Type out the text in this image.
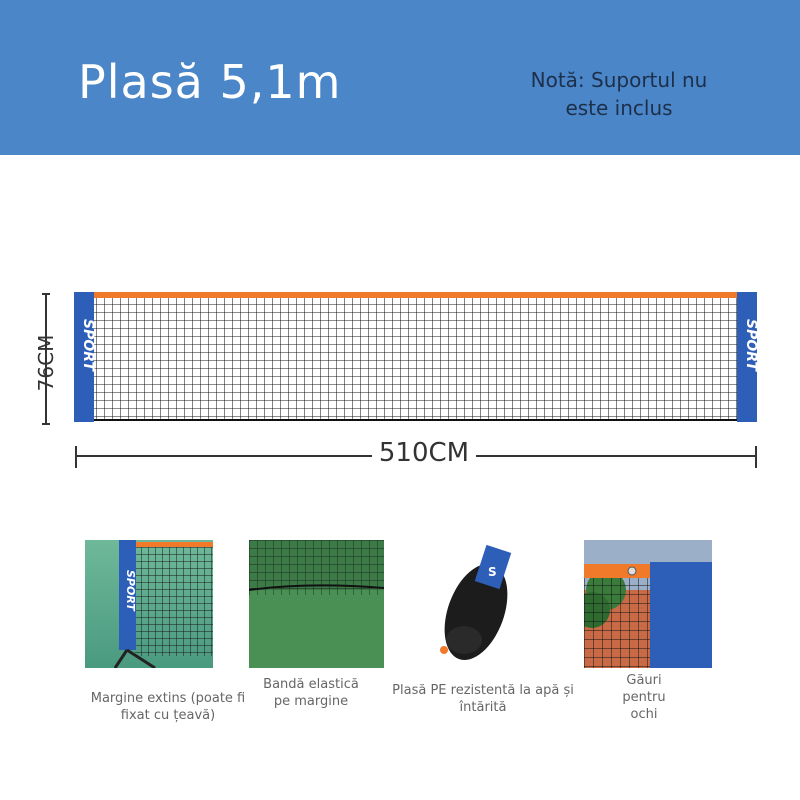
Plasă 5,1m	Notă: Suportul nu este inclus
SPORT	SPORT
76CM
510CM
SPORT
Margine extins (poate fi fixat cu țeavă)
Bandă elastică pe margine
S
Plasă PE rezistentă la apă și întărită
Găuri pentru ochi
